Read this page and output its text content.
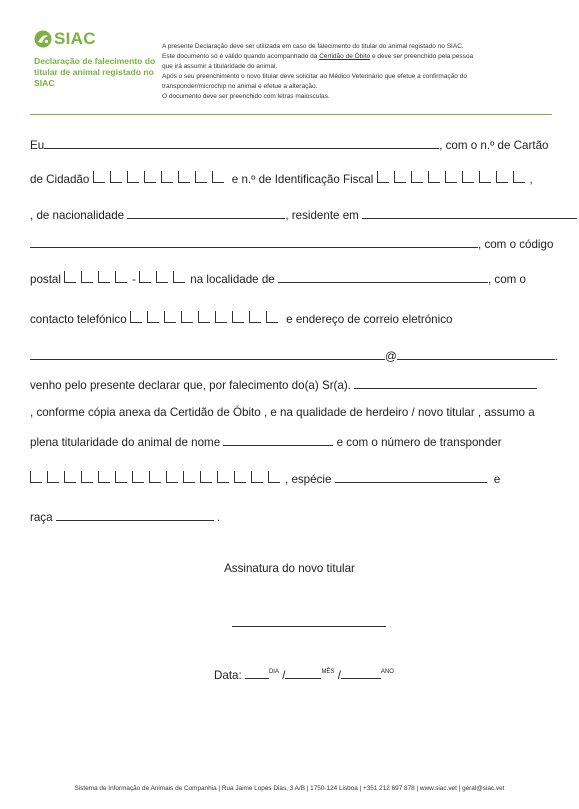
SIAC
Declaração de falecimento do titular de animal registado no SIAC

A presente Declaração deve ser utilizada em caso de falecimento do titular do animal registado no SIAC.

Este documento só é válido quando acompanhado da Certidão de Óbito e deve ser preenchido pela pessoa

que irá assumir a titularidade do animal.

Após o seu preenchimento o novo titular deve solicitar ao Médico Veterinário que efetue a confirmação do

transponder/microchip no animal e efetue a alteração.

O documento deve ser preenchido com letras maiúsculas.

Eu	, com o n.º de Cartão
de Cidadão	e n.º de Identificação Fiscal	,
, de nacionalidade	, residente em
, com o código
postal	-	na localidade de	, com o
contacto telefónico	e endereço de correio eletrónico
@	.
venho pelo presente declarar que, por falecimento do(a) Sr(a).
, conforme cópia anexa da Certidão de Óbito , e na qualidade de herdeiro / novo titular , assumo a
plena titularidade do animal de nome	e com o número de transponder
, espécie	e
raça	.
Assinatura do novo titular
Data:	$^{DIA}$ /	$^{MÊS}$ /	$^{ANO}$
Sistema de Informação de Animais de Companhia | Rua Jaime Lopes Dias, 3 A/B | 1750-124 Lisboa | +351 212 697 878 | www.siac.vet | geral@siac.vet
